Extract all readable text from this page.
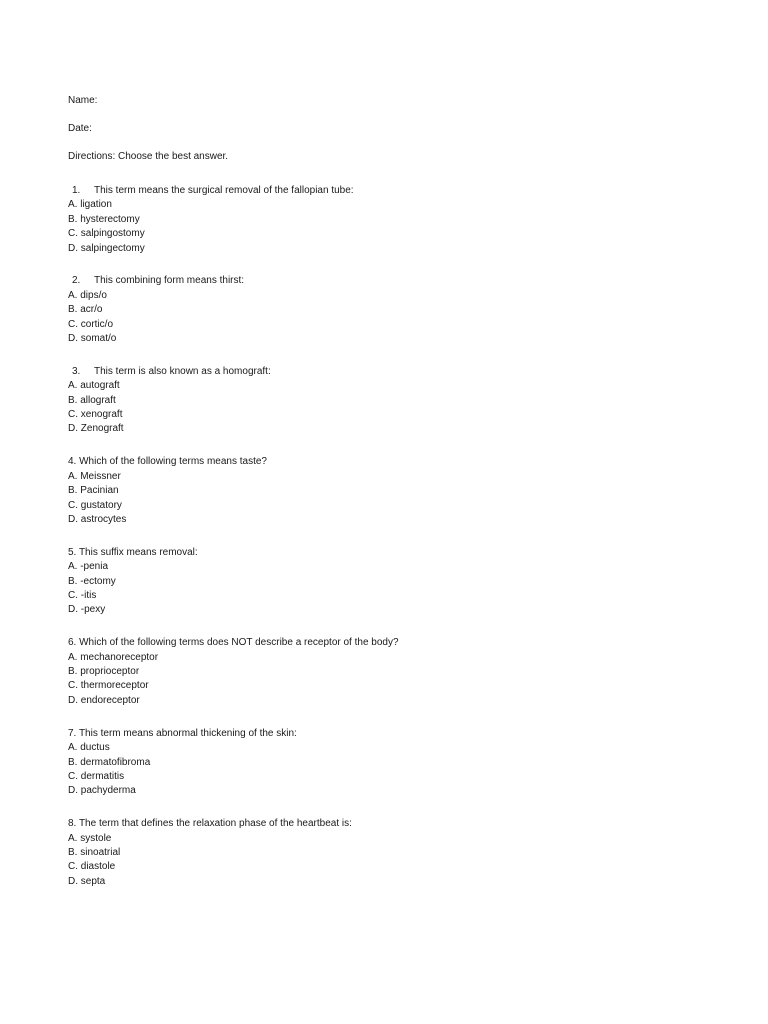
Name:
Date:
Directions: Choose the best answer.
1. This term means the surgical removal of the fallopian tube:
A. ligation
B. hysterectomy
C. salpingostomy
D. salpingectomy
2. This combining form means thirst:
A. dips/o
B. acr/o
C. cortic/o
D. somat/o
3. This term is also known as a homograft:
A. autograft
B. allograft
C. xenograft
D. Zenograft
4. Which of the following terms means taste?
A. Meissner
B. Pacinian
C. gustatory
D. astrocytes
5. This suffix means removal:
A. -penia
B. -ectomy
C. -itis
D. -pexy
6. Which of the following terms does NOT describe a receptor of the body?
A. mechanoreceptor
B. proprioceptor
C. thermoreceptor
D. endoreceptor
7. This term means abnormal thickening of the skin:
A. ductus
B. dermatofibroma
C. dermatitis
D. pachyderma
8. The term that defines the relaxation phase of the heartbeat is:
A. systole
B. sinoatrial
C. diastole
D. septa
